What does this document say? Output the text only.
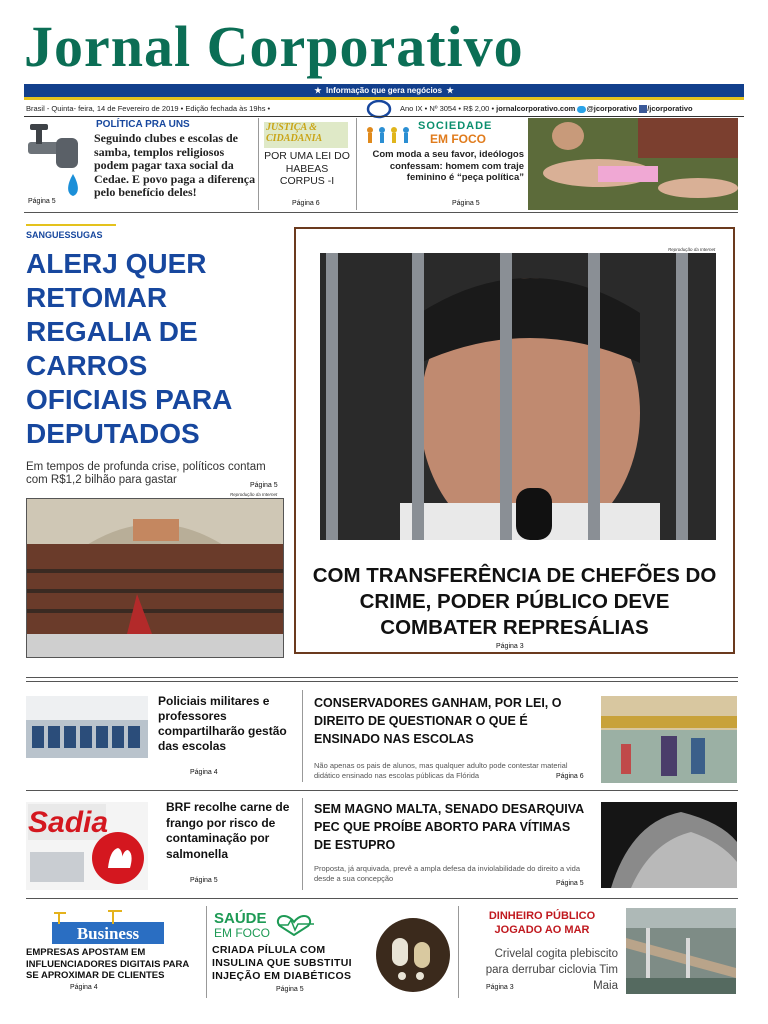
Jornal Corporativo
★ Informação que gera negócios ★
Brasil - Quinta- feira, 14 de Fevereiro de 2019 • Edição fechada às 19hs •	Ano IX • Nº 3054 • R$ 2,00 • jornalcorporativo.com @jcorporativo /jcorporativo
POLÍTICA PRA UNS
Seguindo clubes e escolas de samba, templos religiosos podem pagar taxa social da Cedae. E povo paga a diferença pelo benefício deles!
Página 5
JUSTIÇA &
CIDADANIA
POR UMA LEI DO HABEAS CORPUS -I
Página 6
SOCIEDADE
EM FOCO
Com moda a seu favor, ideólogos confessam: homem com traje feminino é “peça política”
Página 5
SANGUESSUGAS
ALERJ QUER RETOMAR REGALIA DE CARROS OFICIAIS PARA DEPUTADOS
Em tempos de profunda crise, políticos contam com R$1,2 bilhão para gastar	Página 5
Reprodução da Internet
Reprodução da Internet
COM TRANSFERÊNCIA DE CHEFÕES DO CRIME, PODER PÚBLICO DEVE COMBATER REPRESÁLIAS
Página 3
Policiais militares e professores compartilharão gestão das escolas
Página 4
CONSERVADORES GANHAM, POR LEI, O DIREITO DE QUESTIONAR O QUE É ENSINADO NAS ESCOLAS
Não apenas os pais de alunos, mas qualquer adulto pode contestar material didático ensinado nas escolas públicas da Flórida	Página 6
Sadia	BRF recolhe carne de frango por risco de contaminação por salmonella
Página 5
SEM MAGNO MALTA, SENADO DESARQUIVA PEC QUE PROÍBE ABORTO PARA VÍTIMAS DE ESTUPRO
Proposta, já arquivada, prevê a ampla defesa da inviolabilidade do direito a vida desde a sua concepção
Página 5
Business
EMPRESAS APOSTAM EM INFLUENCIADORES DIGITAIS PARA SE APROXIMAR DE CLIENTES
Página 4
SAÚDE
EM FOCO
CRIADA PÍLULA COM INSULINA QUE SUBSTITUI INJEÇÃO EM DIABÉTICOS
Página 5
DINHEIRO PÚBLICO JOGADO AO MAR
Crivelal cogita plebiscito para derrubar ciclovia Tim Maia
Página 3
